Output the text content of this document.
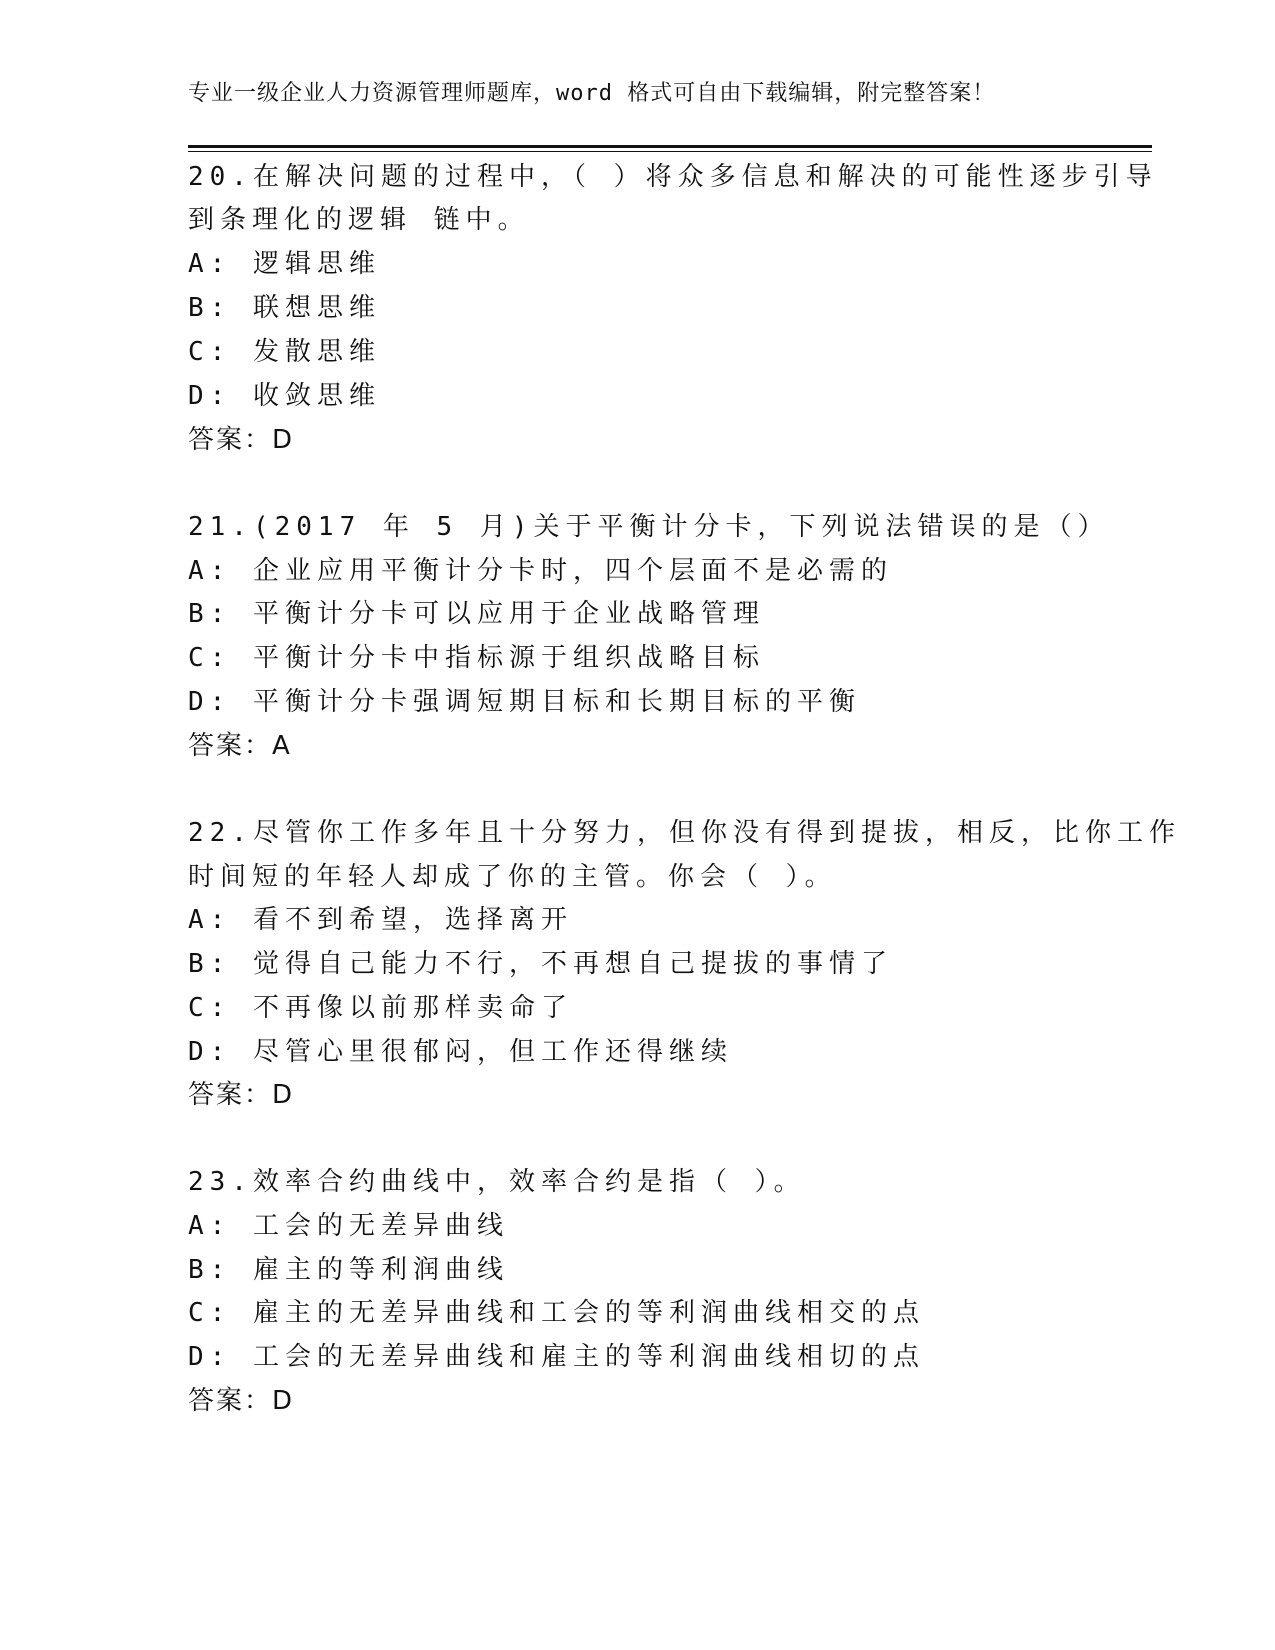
专业一级企业人力资源管理师题库，word 格式可自由下载编辑，附完整答案！
20.在解决问题的过程中，（ ）将众多信息和解决的可能性逐步引导
到条理化的逻辑 链中。
A: 逻辑思维
B: 联想思维
C: 发散思维
D: 收敛思维
答案：D
21.(2017 年 5 月)关于平衡计分卡，下列说法错误的是（）
A: 企业应用平衡计分卡时，四个层面不是必需的
B: 平衡计分卡可以应用于企业战略管理
C: 平衡计分卡中指标源于组织战略目标
D: 平衡计分卡强调短期目标和长期目标的平衡
答案：A
22.尽管你工作多年且十分努力，但你没有得到提拔，相反，比你工作
时间短的年轻人却成了你的主管。你会（ ）。
A: 看不到希望，选择离开
B: 觉得自己能力不行，不再想自己提拔的事情了
C: 不再像以前那样卖命了
D: 尽管心里很郁闷，但工作还得继续
答案：D
23.效率合约曲线中，效率合约是指（ ）。
A: 工会的无差异曲线
B: 雇主的等利润曲线
C: 雇主的无差异曲线和工会的等利润曲线相交的点
D: 工会的无差异曲线和雇主的等利润曲线相切的点
答案：D
